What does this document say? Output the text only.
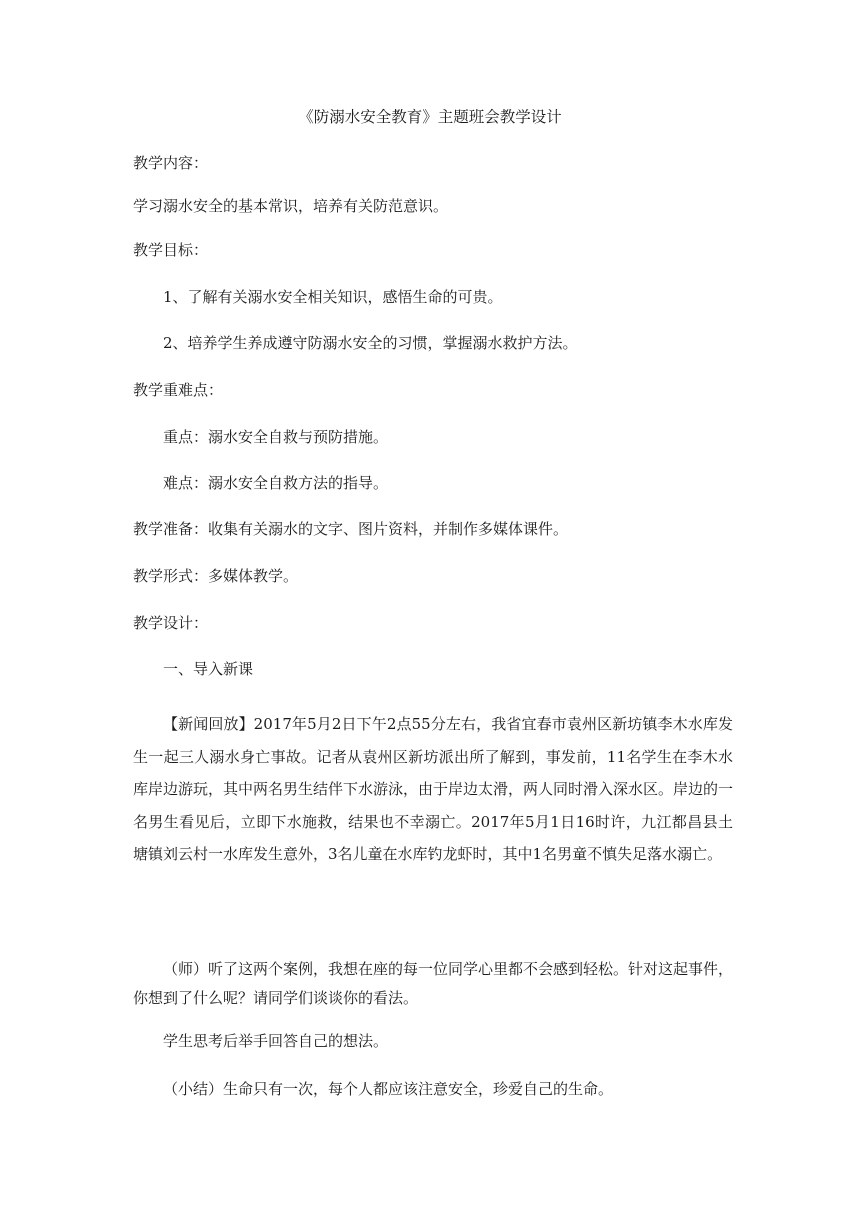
《防溺水安全教育》主题班会教学设计
教学内容：
学习溺水安全的基本常识，培养有关防范意识。
教学目标：
1、了解有关溺水安全相关知识，感悟生命的可贵。
2、培养学生养成遵守防溺水安全的习惯，掌握溺水救护方法。
教学重难点：
重点：溺水安全自救与预防措施。
难点：溺水安全自救方法的指导。
教学准备：收集有关溺水的文字、图片资料，并制作多媒体课件。
教学形式：多媒体教学。
教学设计：
一、导入新课
【新闻回放】2017年5月2日下午2点55分左右，我省宜春市袁州区新坊镇李木水库发生一起三人溺水身亡事故。记者从袁州区新坊派出所了解到，事发前，11名学生在李木水库岸边游玩，其中两名男生结伴下水游泳，由于岸边太滑，两人同时滑入深水区。岸边的一名男生看见后，立即下水施救，结果也不幸溺亡。2017年5月1日16时许，九江都昌县土塘镇刘云村一水库发生意外，3名儿童在水库钓龙虾时，其中1名男童不慎失足落水溺亡。
（师）听了这两个案例，我想在座的每一位同学心里都不会感到轻松。针对这起事件，你想到了什么呢？请同学们谈谈你的看法。
学生思考后举手回答自己的想法。
（小结）生命只有一次，每个人都应该注意安全，珍爱自己的生命。
